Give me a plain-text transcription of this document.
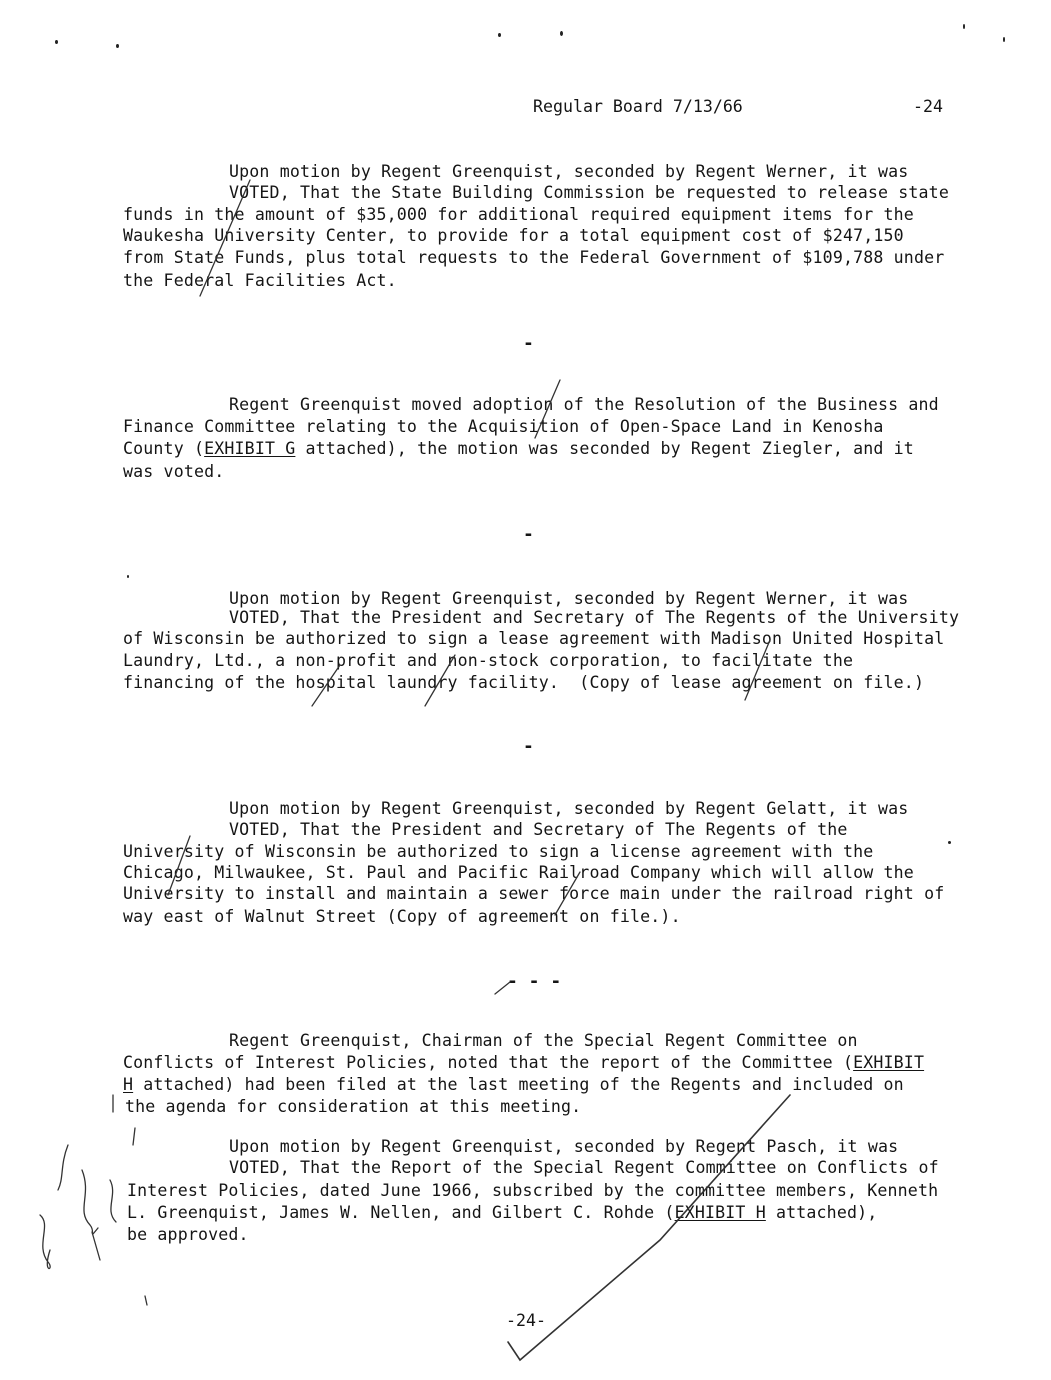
Regular Board 7/13/66	-24
Upon motion by Regent Greenquist, seconded by Regent Werner, it was
VOTED, That the State Building Commission be requested to release state
funds in the amount of $35,000 for additional required equipment items for the
Waukesha University Center, to provide for a total equipment cost of $247,150
from State Funds, plus total requests to the Federal Government of $109,788 under
the Federal Facilities Act.
-
Regent Greenquist moved adoption of the Resolution of the Business and
Finance Committee relating to the Acquisition of Open-Space Land in Kenosha
County (EXHIBIT G attached), the motion was seconded by Regent Ziegler, and it
was voted.
-
Upon motion by Regent Greenquist, seconded by Regent Werner, it was
VOTED, That the President and Secretary of The Regents of the University
of Wisconsin be authorized to sign a lease agreement with Madison United Hospital
Laundry, Ltd., a non-profit and non-stock corporation, to facilitate the
financing of the hospital laundry facility.  (Copy of lease agreement on file.)
-
Upon motion by Regent Greenquist, seconded by Regent Gelatt, it was
VOTED, That the President and Secretary of The Regents of the
University of Wisconsin be authorized to sign a license agreement with the
Chicago, Milwaukee, St. Paul and Pacific Railroad Company which will allow the
University to install and maintain a sewer force main under the railroad right of
way east of Walnut Street (Copy of agreement on file.).
- - -
Regent Greenquist, Chairman of the Special Regent Committee on
Conflicts of Interest Policies, noted that the report of the Committee (EXHIBIT
H attached) had been filed at the last meeting of the Regents and included on
the agenda for consideration at this meeting.
Upon motion by Regent Greenquist, seconded by Regent Pasch, it was
VOTED, That the Report of the Special Regent Committee on Conflicts of
Interest Policies, dated June 1966, subscribed by the committee members, Kenneth
L. Greenquist, James W. Nellen, and Gilbert C. Rohde (EXHIBIT H attached),
be approved.
-24-
